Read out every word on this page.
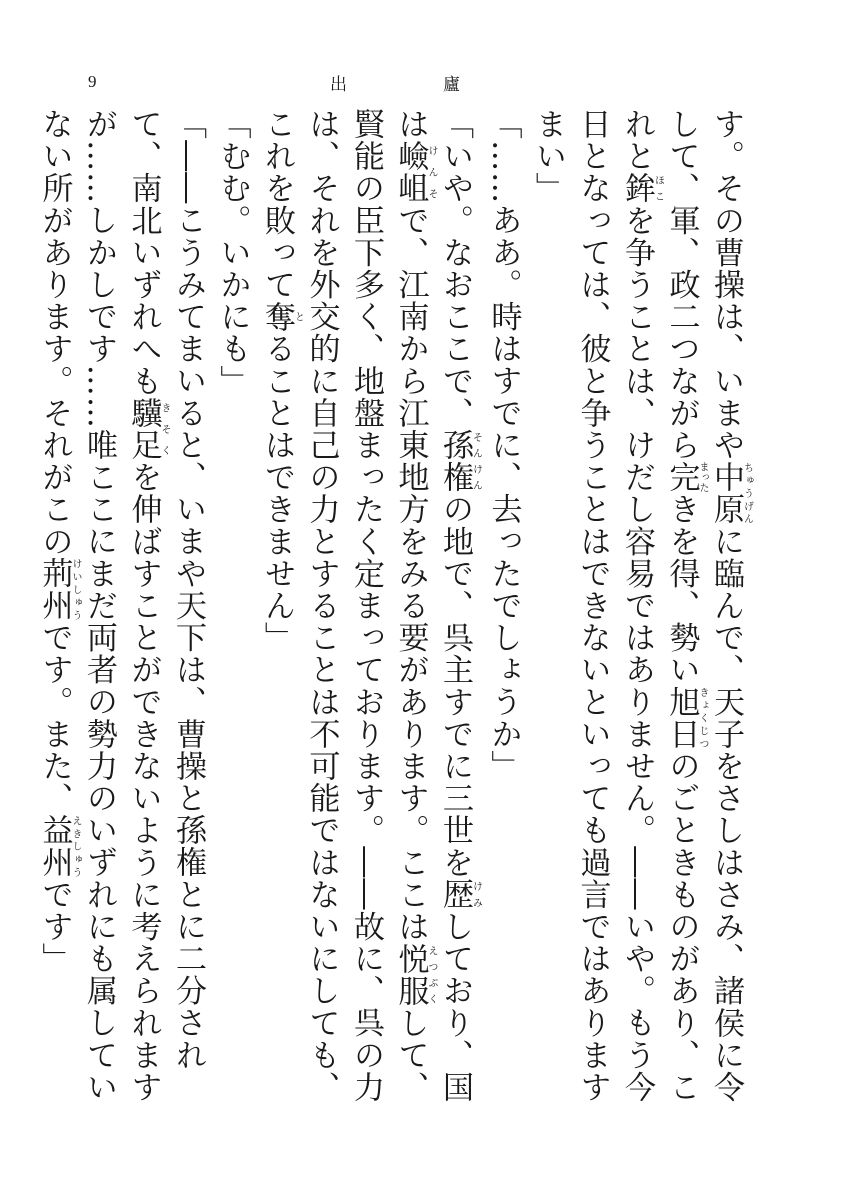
9	出廬

す。その曹操は、いまや中原ちゅうげんに臨んで、天子をさしはさみ、諸侯に令して、軍、政二つながら完まったきを得、勢い旭日きょくじつのごときものがあり、これと鉾ほこを争うことは、けだし容易ではありません。――いや。もう今日となっては、彼と争うことはできないといっても過言ではありますまい」

「……ああ。時はすでに、去ったでしょうか」

「いや。なおここで、孫権そんけんの地で、呉主すでに三世を歴けみしており、国は嶮岨けんそで、江南から江東地方をみる要があります。ここは悦服えつぷくして、賢能の臣下多く、地盤まったく定まっております。――故に、呉の力は、それを外交的に自己の力とすることは不可能ではないにしても、これを敗って奪とることはできません」

「むむ。いかにも」

「――こうみてまいると、いまや天下は、曹操と孫権とに二分されて、南北いずれへも驥足きそくを伸ばすことができないように考えられますが……しかしです……唯ここにまだ両者の勢力のいずれにも属していない所があります。それがこの荊州けいしゅうです。また、益州えきしゅうです」
